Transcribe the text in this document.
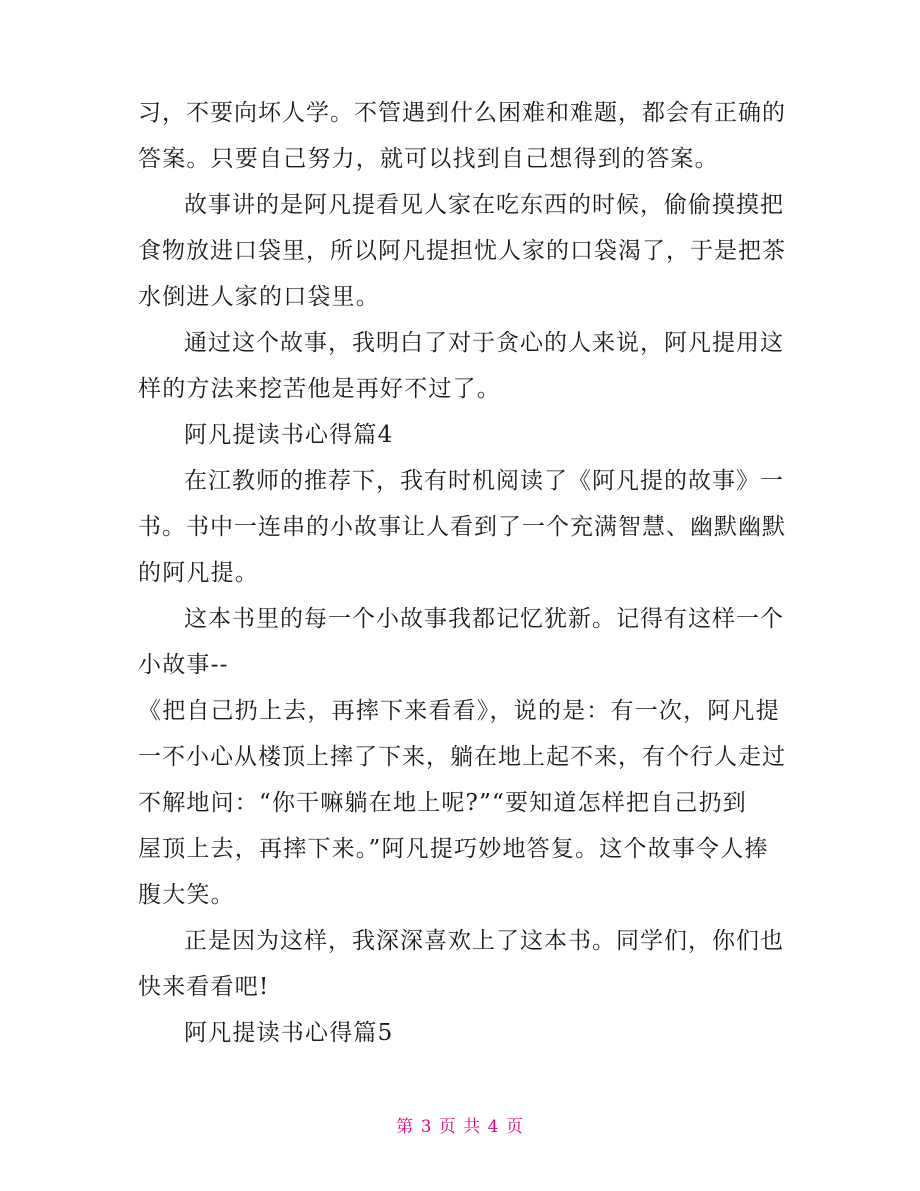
习，不要向坏人学。不管遇到什么困难和难题，都会有正确的
答案。只要自己努力，就可以找到自己想得到的答案。
故事讲的是阿凡提看见人家在吃东西的时候，偷偷摸摸把
食物放进口袋里，所以阿凡提担忧人家的口袋渴了，于是把茶
水倒进人家的口袋里。
通过这个故事，我明白了对于贪心的人来说，阿凡提用这
样的方法来挖苦他是再好不过了。
阿凡提读书心得篇4
在江教师的推荐下，我有时机阅读了《阿凡提的故事》一
书。书中一连串的小故事让人看到了一个充满智慧、幽默幽默
的阿凡提。
这本书里的每一个小故事我都记忆犹新。记得有这样一个
小故事--
《把自己扔上去，再摔下来看看》，说的是：有一次，阿凡提
一不小心从楼顶上摔了下来，躺在地上起不来，有个行人走过
不解地问：“你干嘛躺在地上呢?”“要知道怎样把自己扔到
屋顶上去，再摔下来。”阿凡提巧妙地答复。这个故事令人捧
腹大笑。
正是因为这样，我深深喜欢上了这本书。同学们，你们也
快来看看吧!
阿凡提读书心得篇5
第 3 页 共 4 页
